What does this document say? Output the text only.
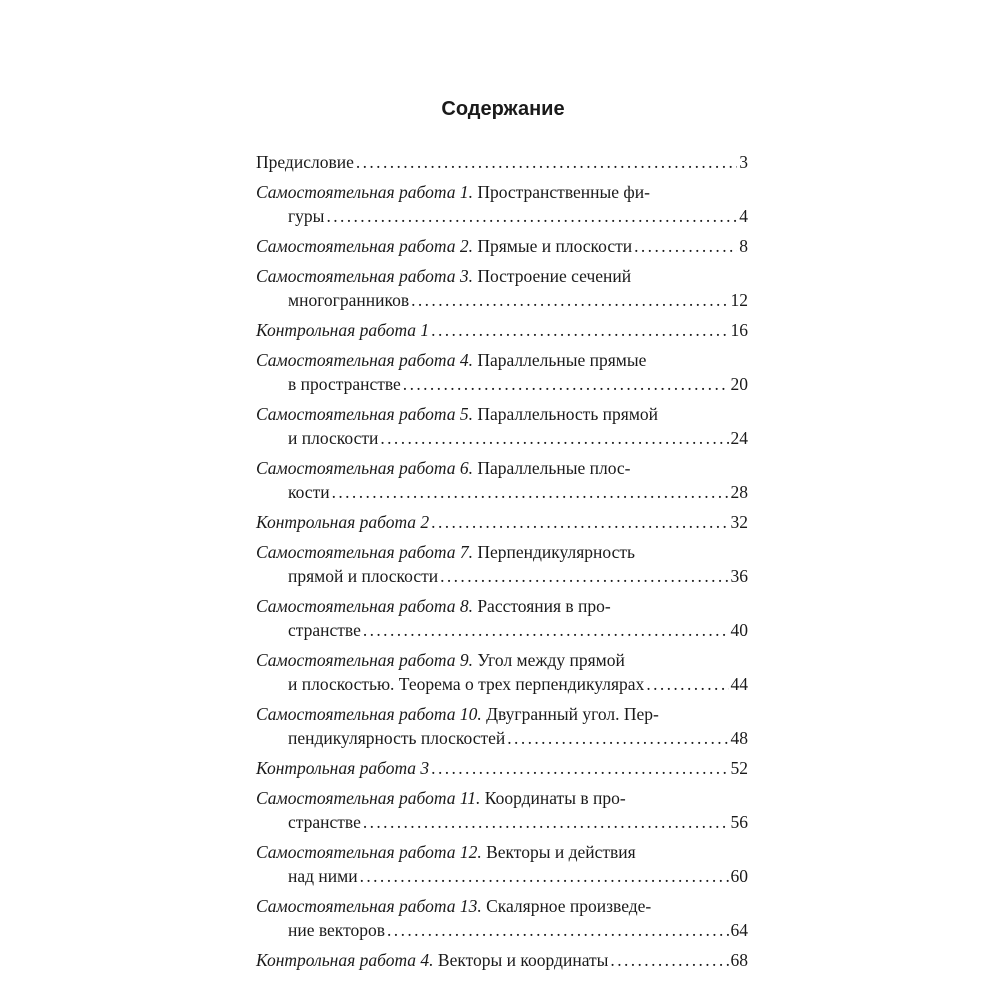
Содержание
Предисловие .....	3
Самостоятельная работа 1. Пространственные фи-
гуры .....	4
Самостоятельная работа 2. Прямые и плоскости .....	8
Самостоятельная работа 3. Построение сечений
многогранников .....	12
Контрольная работа 1 .....	16
Самостоятельная работа 4. Параллельные прямые
в пространстве .....	20
Самостоятельная работа 5. Параллельность прямой
и плоскости .....	24
Самостоятельная работа 6. Параллельные плос-
кости .....	28
Контрольная работа 2 .....	32
Самостоятельная работа 7. Перпендикулярность
прямой и плоскости .....	36
Самостоятельная работа 8. Расстояния в про-
странстве .....	40
Самостоятельная работа 9. Угол между прямой
и плоскостью. Теорема о трех перпендикулярах .....	44
Самостоятельная работа 10. Двугранный угол. Пер-
пендикулярность плоскостей .....	48
Контрольная работа 3 .....	52
Самостоятельная работа 11. Координаты в про-
странстве .....	56
Самостоятельная работа 12. Векторы и действия
над ними .....	60
Самостоятельная работа 13. Скалярное произведе-
ние векторов .....	64
Контрольная работа 4. Векторы и координаты .....	68
